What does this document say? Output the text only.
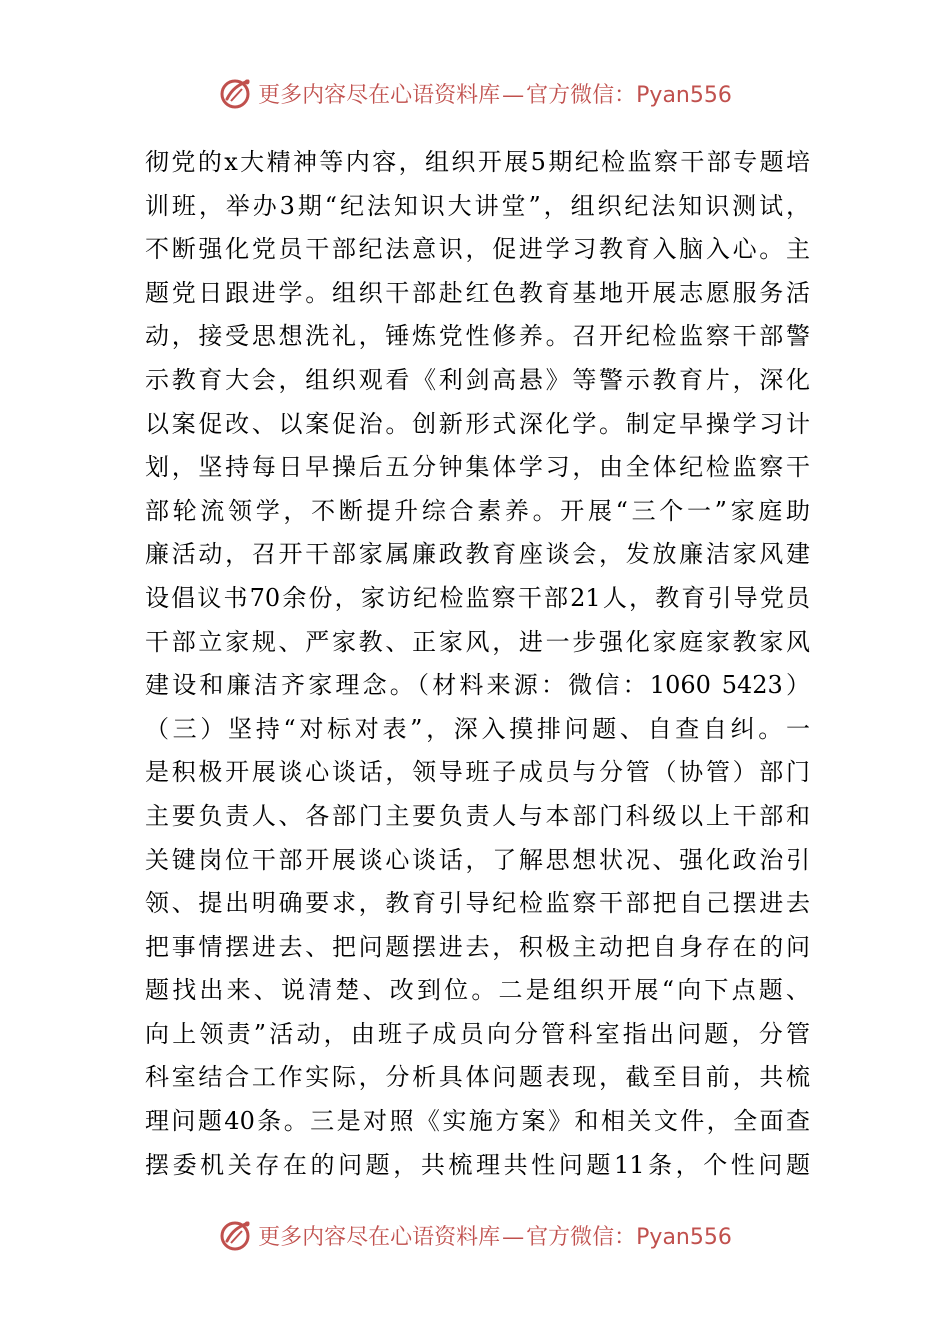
更多内容尽在心语资料库—官方微信：Pyan556
彻党的x大精神等内容，组织开展5期纪检监察干部专题培
训班，举办3期“纪法知识大讲堂”，组织纪法知识测试，
不断强化党员干部纪法意识，促进学习教育入脑入心。主
题党日跟进学。组织干部赴红色教育基地开展志愿服务活
动，接受思想洗礼，锤炼党性修养。召开纪检监察干部警
示教育大会，组织观看《利剑高悬》等警示教育片，深化
以案促改、以案促治。创新形式深化学。制定早操学习计
划，坚持每日早操后五分钟集体学习，由全体纪检监察干
部轮流领学，不断提升综合素养。开展“三个一”家庭助
廉活动，召开干部家属廉政教育座谈会，发放廉洁家风建
设倡议书70余份，家访纪检监察干部21人，教育引导党员
干部立家规、严家教、正家风，进一步强化家庭家教家风
建设和廉洁齐家理念。（材料来源：微信：1060 5423）
（三）坚持“对标对表”，深入摸排问题、自查自纠。一
是积极开展谈心谈话，领导班子成员与分管（协管）部门
主要负责人、各部门主要负责人与本部门科级以上干部和
关键岗位干部开展谈心谈话，了解思想状况、强化政治引
领、提出明确要求，教育引导纪检监察干部把自己摆进去
把事情摆进去、把问题摆进去，积极主动把自身存在的问
题找出来、说清楚、改到位。二是组织开展“向下点题、
向上领责”活动，由班子成员向分管科室指出问题，分管
科室结合工作实际，分析具体问题表现，截至目前，共梳
理问题40条。三是对照《实施方案》和相关文件，全面查
摆委机关存在的问题，共梳理共性问题11条，个性问题
更多内容尽在心语资料库—官方微信：Pyan556
